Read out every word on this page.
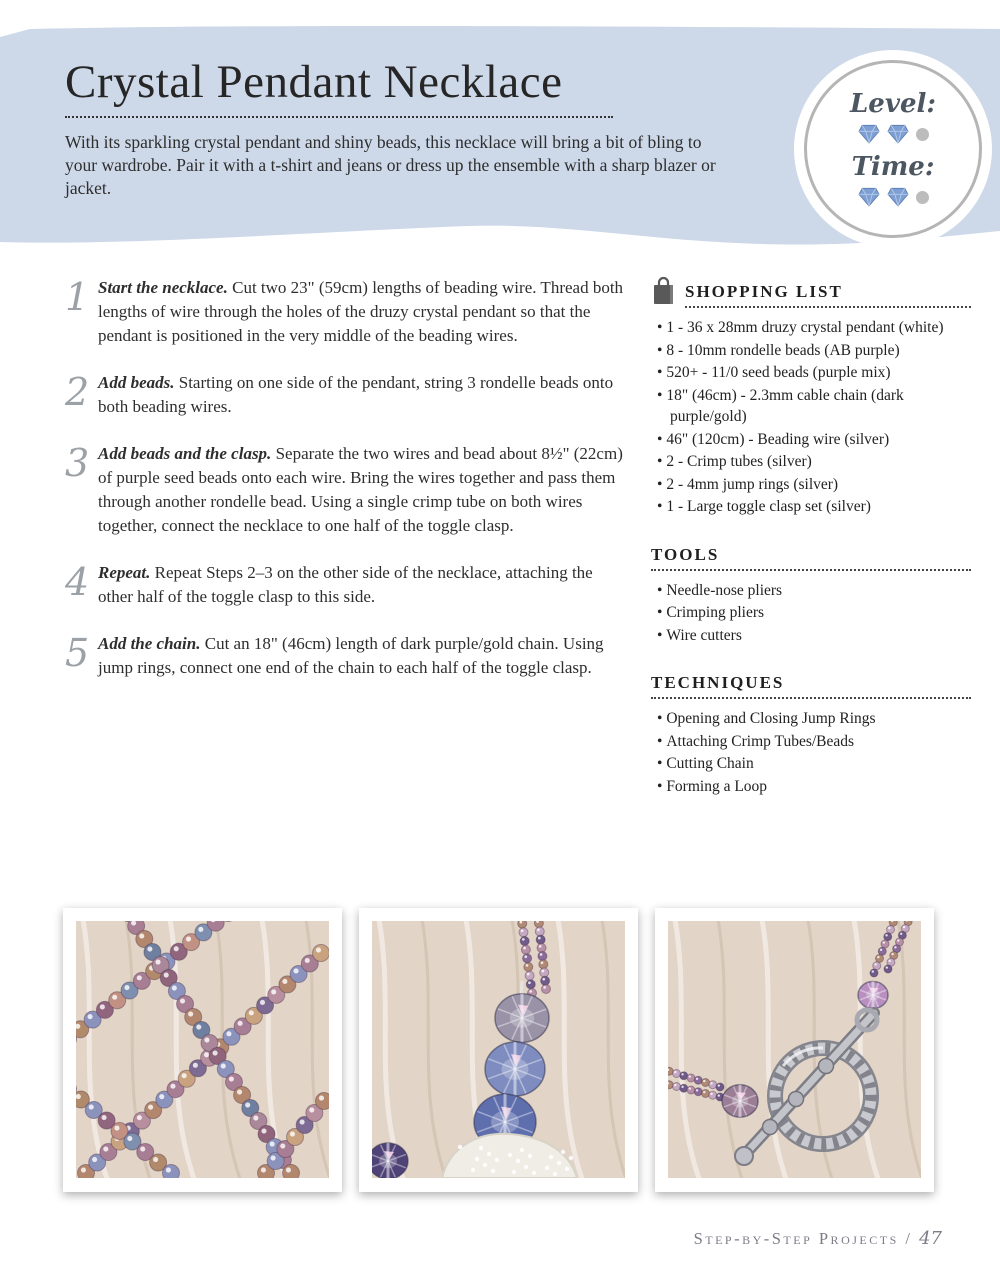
Crystal Pendant Necklace

With its sparkling crystal pendant and shiny beads, this necklace will bring a bit of bling to your wardrobe. Pair it with a t-shirt and jeans or dress up the ensemble with a sharp blazer or jacket.

Level:
Time:
1 Start the necklace. Cut two 23" (59cm) lengths of beading wire. Thread both lengths of wire through the holes of the druzy crystal pendant so that the pendant is positioned in the very middle of the beading wires.
2 Add beads. Starting on one side of the pendant, string 3 rondelle beads onto both beading wires.
3 Add beads and the clasp. Separate the two wires and bead about 8½" (22cm) of purple seed beads onto each wire. Bring the wires together and pass them through another rondelle bead. Using a single crimp tube on both wires together, connect the necklace to one half of the toggle clasp.
4 Repeat. Repeat Steps 2–3 on the other side of the necklace, attaching the other half of the toggle clasp to this side.
5 Add the chain. Cut an 18" (46cm) length of dark purple/gold chain. Using jump rings, connect one end of the chain to each half of the toggle clasp.
SHOPPING LIST
• 1 - 36 x 28mm druzy crystal pendant (white)
• 8 - 10mm rondelle beads (AB purple)
• 520+ - 11/0 seed beads (purple mix)
• 18" (46cm) - 2.3mm cable chain (dark purple/gold)
• 46" (120cm) - Beading wire (silver)
• 2 - Crimp tubes (silver)
• 2 - 4mm jump rings (silver)
• 1 - Large toggle clasp set (silver)
TOOLS
• Needle-nose pliers
• Crimping pliers
• Wire cutters
TECHNIQUES
• Opening and Closing Jump Rings
• Attaching Crimp Tubes/Beads
• Cutting Chain
• Forming a Loop
Step-by-Step Projects / 47
